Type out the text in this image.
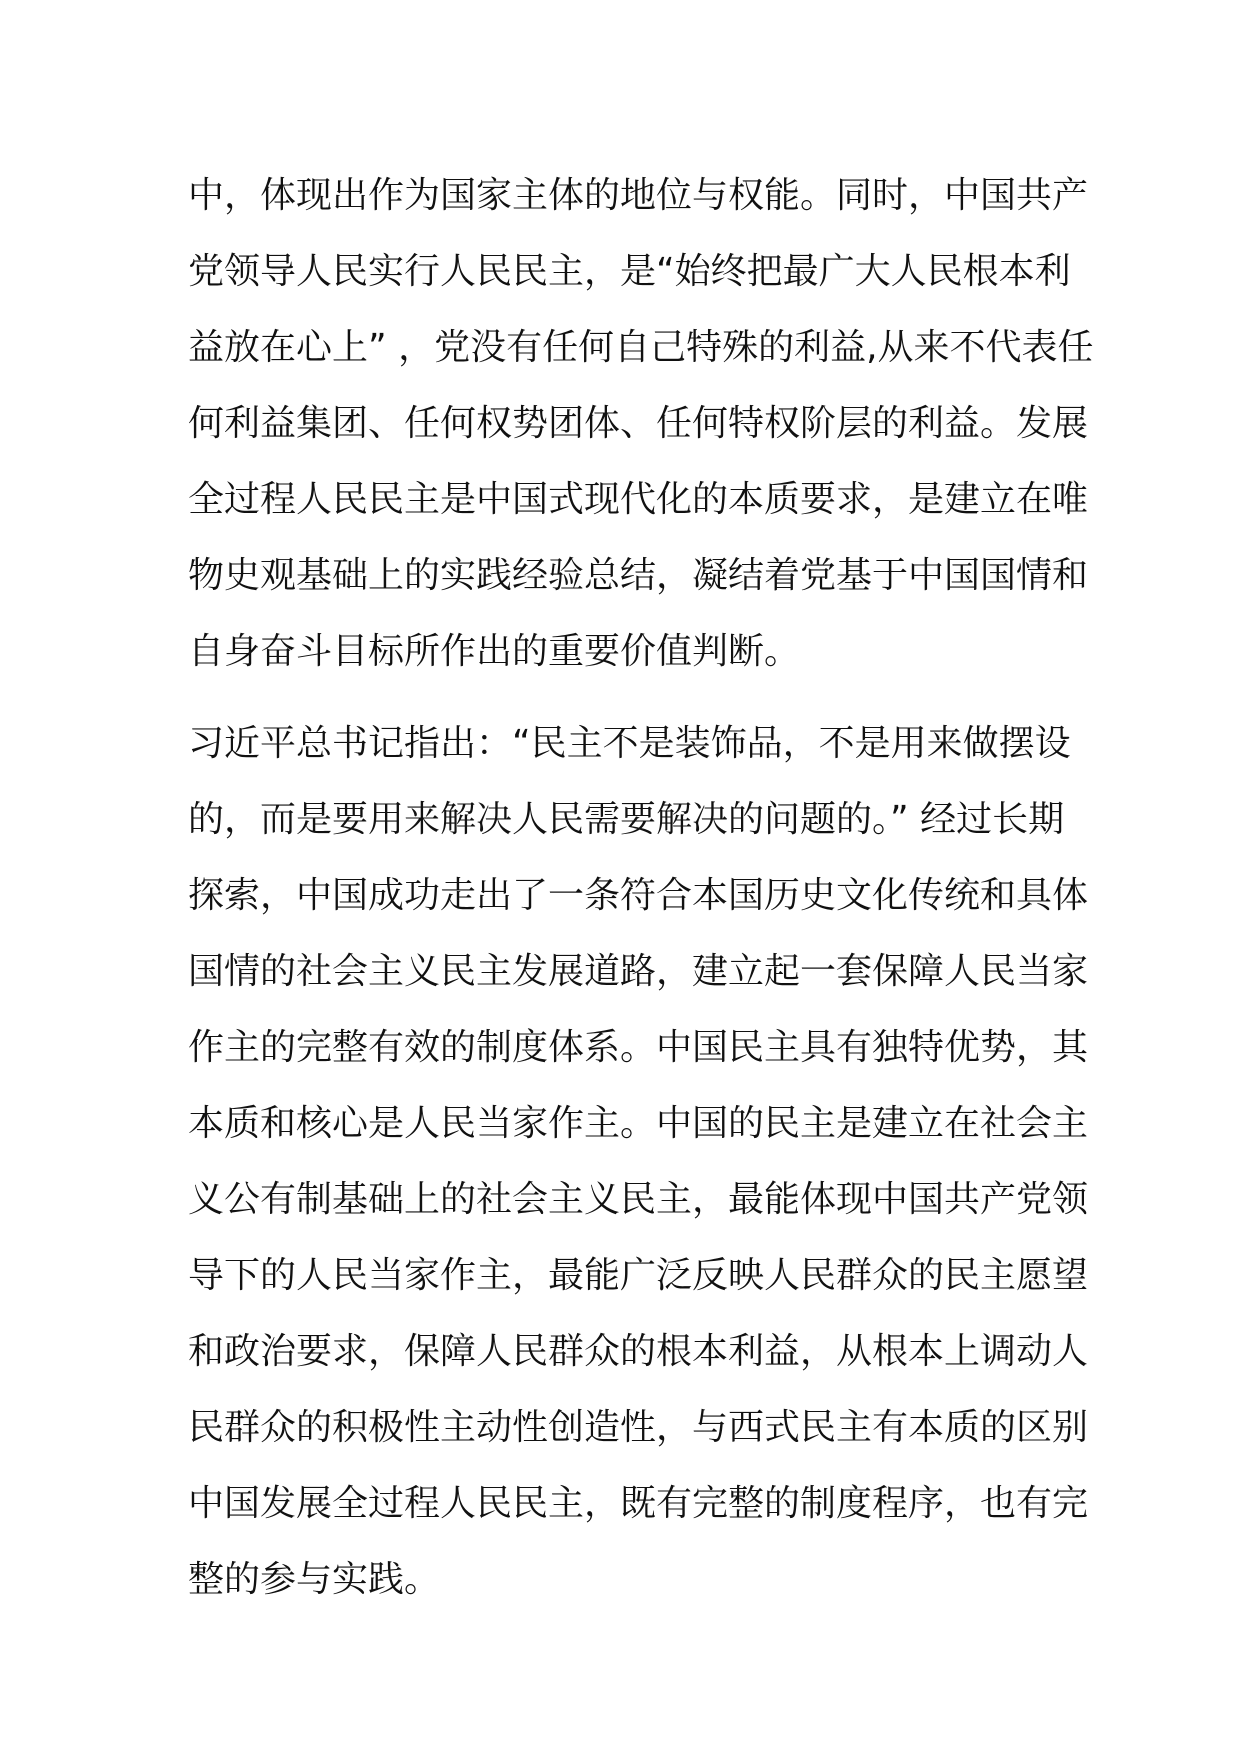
中，体现出作为国家主体的地位与权能。同时，中国共产
党领导人民实行人民民主，是“始终把最广大人民根本利
益放在心上” ，党没有任何自己特殊的利益,从来不代表任
何利益集团、任何权势团体、任何特权阶层的利益。发展
全过程人民民主是中国式现代化的本质要求，是建立在唯
物史观基础上的实践经验总结，凝结着党基于中国国情和
自身奋斗目标所作出的重要价值判断。
习近平总书记指出：“民主不是装饰品，不是用来做摆设
的，而是要用来解决人民需要解决的问题的。” 经过长期
探索，中国成功走出了一条符合本国历史文化传统和具体
国情的社会主义民主发展道路，建立起一套保障人民当家
作主的完整有效的制度体系。中国民主具有独特优势，其
本质和核心是人民当家作主。中国的民主是建立在社会主
义公有制基础上的社会主义民主，最能体现中国共产党领
导下的人民当家作主，最能广泛反映人民群众的民主愿望
和政治要求，保障人民群众的根本利益，从根本上调动人
民群众的积极性主动性创造性，与西式民主有本质的区别
中国发展全过程人民民主，既有完整的制度程序，也有完
整的参与实践。
